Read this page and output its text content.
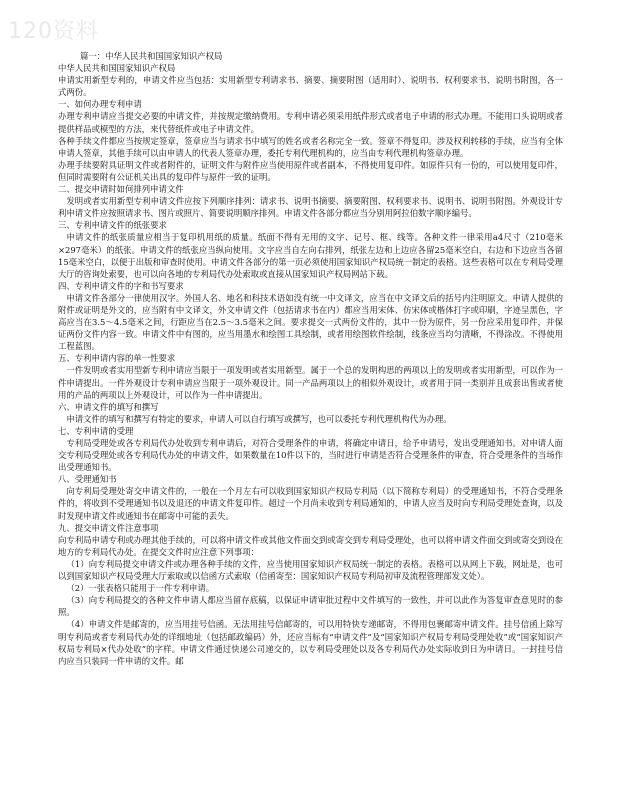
120资料

篇一：中华人民共和国国家知识产权局

中华人民共和国国家知识产权局

申请实用新型专利的，申请文件应当包括：实用新型专利请求书、摘要、摘要附图（适用时）、说明书、权利要求书、说明书附图，各一式两份。

一、如何办理专利申请

办理专利申请应当提交必要的申请文件，并按规定缴纳费用。专利申请必须采用纸件形式或者电子申请的形式办理。不能用口头说明或者提供样品或模型的方法，来代替纸件或电子申请文件。

各种手续文件都应当按规定签章，签章应当与请求书中填写的姓名或者名称完全一致。签章不得复印。涉及权利转移的手续，应当有全体申请人签章，其他手续可以由申请人的代表人签章办理，委托专利代理机构的，应当由专利代理机构签章办理。

办理手续要附具证明文件或者附件的，证明文件与附件应当使用原件或者副本，不得使用复印件。如原件只有一份的，可以使用复印件，但同时需要附有公证机关出具的复印件与原件一致的证明。

二、提交申请时如何排列申请文件

发明或者实用新型专利申请文件应按下列顺序排列：请求书、说明书摘要、摘要附图、权利要求书、说明书、说明书附图。外观设计专利申请文件应按照请求书、图片或照片、简要说明顺序排列。申请文件各部分都应当分别用阿拉伯数字顺序编号。

三、专利申请文件的纸张要求

申请文件的纸张质量应相当于复印机用纸的质量。纸面不得有无用的文字、记号、框、线等。各种文件一律采用a4尺寸（210毫米×297毫米）的纸张。申请文件的纸张应当纵向使用。文字应当自左向右排列，纸张左边和上边应各留25毫米空白，右边和下边应当各留15毫米空白，以便于出版和审查时使用。申请文件各部分的第一页必须使用国家知识产权局统一制定的表格。这些表格可以在专利局受理大厅的咨询处索要，也可以向各地的专利局代办处索取或直接从国家知识产权局网站下载。

四、专利申请文件的字和书写要求

申请文件各部分一律使用汉字。外国人名、地名和科技术语如没有统一中文译文，应当在中文译文后的括号内注明原文。申请人提供的附件或证明是外文的，应当附有中文译文，外文申请文件（包括请求书在内）都应当用宋体、仿宋体或楷体打字或印刷，字迹呈黑色，字高应当在3.5～4.5毫米之间，行距应当在2.5～3.5毫米之间。要求提交一式两份文件的，其中一份为原件，另一份应采用复印件，并保证两份文件内容一致。申请文件中有图的，应当用墨水和绘图工具绘制，或者用绘图软件绘制，线条应当均匀清晰，不得涂改。不得使用工程蓝图。

五、专利申请内容的单一性要求

一件发明或者实用型新专利申请应当限于一项发明或者实用新型。属于一个总的发明构思的两项以上的发明或者实用新型，可以作为一件申请提出。一件外观设计专利申请应当限于一项外观设计。同一产品两项以上的相似外观设计，或者用于同一类别并且成套出售或者使用的产品的两项以上外观设计，可以作为一件申请提出。

六、申请文件的填写和撰写

申请文件的填写和撰写有特定的要求，申请人可以自行填写或撰写，也可以委托专利代理机构代为办理。

七、专利申请的受理

专利局受理处或各专利局代办处收到专利申请后，对符合受理条件的申请，将确定申请日，给予申请号，发出受理通知书。对申请人面交专利局受理处或各专利局代办处的申请文件，如果数量在10件以下的，当时进行申请是否符合受理条件的审查，符合受理条件的当场作出受理通知书。

八、受理通知书

向专利局受理处寄交申请文件的，一般在一个月左右可以收到国家知识产权局专利局（以下简称专利局）的受理通知书，不符合受理条件的，将收到不受理通知书以及退还的申请文件复印件。超过一个月尚未收到专利局通知的，申请人应当及时向专利局受理处查询，以及时发现申请文件或通知书在邮寄中可能的丢失。

九、提交申请文件注意事项

向专利局申请专利或办理其他手续的，可以将申请文件或其他文件面交到或寄交到专利局受理处，也可以将申请文件面交到或寄交到设在地方的专利局代办处。在提交文件时应注意下列事项：

（1）向专利局提交申请文件或办理各种手续的文件，应当使用国家知识产权局统一制定的表格。表格可以从网上下载，网址是，也可以到国家知识产权局受理大厅索取或以信函方式索取（信函寄至：国家知识产权局专利局初审及流程管理部发文处）。

（2）一张表格只能用于一件专利申请。

（3）向专利局提交的各种文件申请人都应当留存底稿，以保证申请审批过程中文件填写的一致性，并可以此作为答复审查意见时的参照。

（4）申请文件是邮寄的，应当用挂号信函。无法用挂号信邮寄的，可以用特快专递邮寄，不得用包裹邮寄申请文件。挂号信函上除写明专利局或者专利局代办处的详细地址（包括邮政编码）外，还应当标有“申请文件”及“国家知识产权局专利局受理处收”或“国家知识产权局专利局×代办处收”的字样。申请文件通过快递公司递交的，以专利局受理处以及各专利局代办处实际收到日为申请日。一封挂号信内应当只装同一件申请的文件。邮
